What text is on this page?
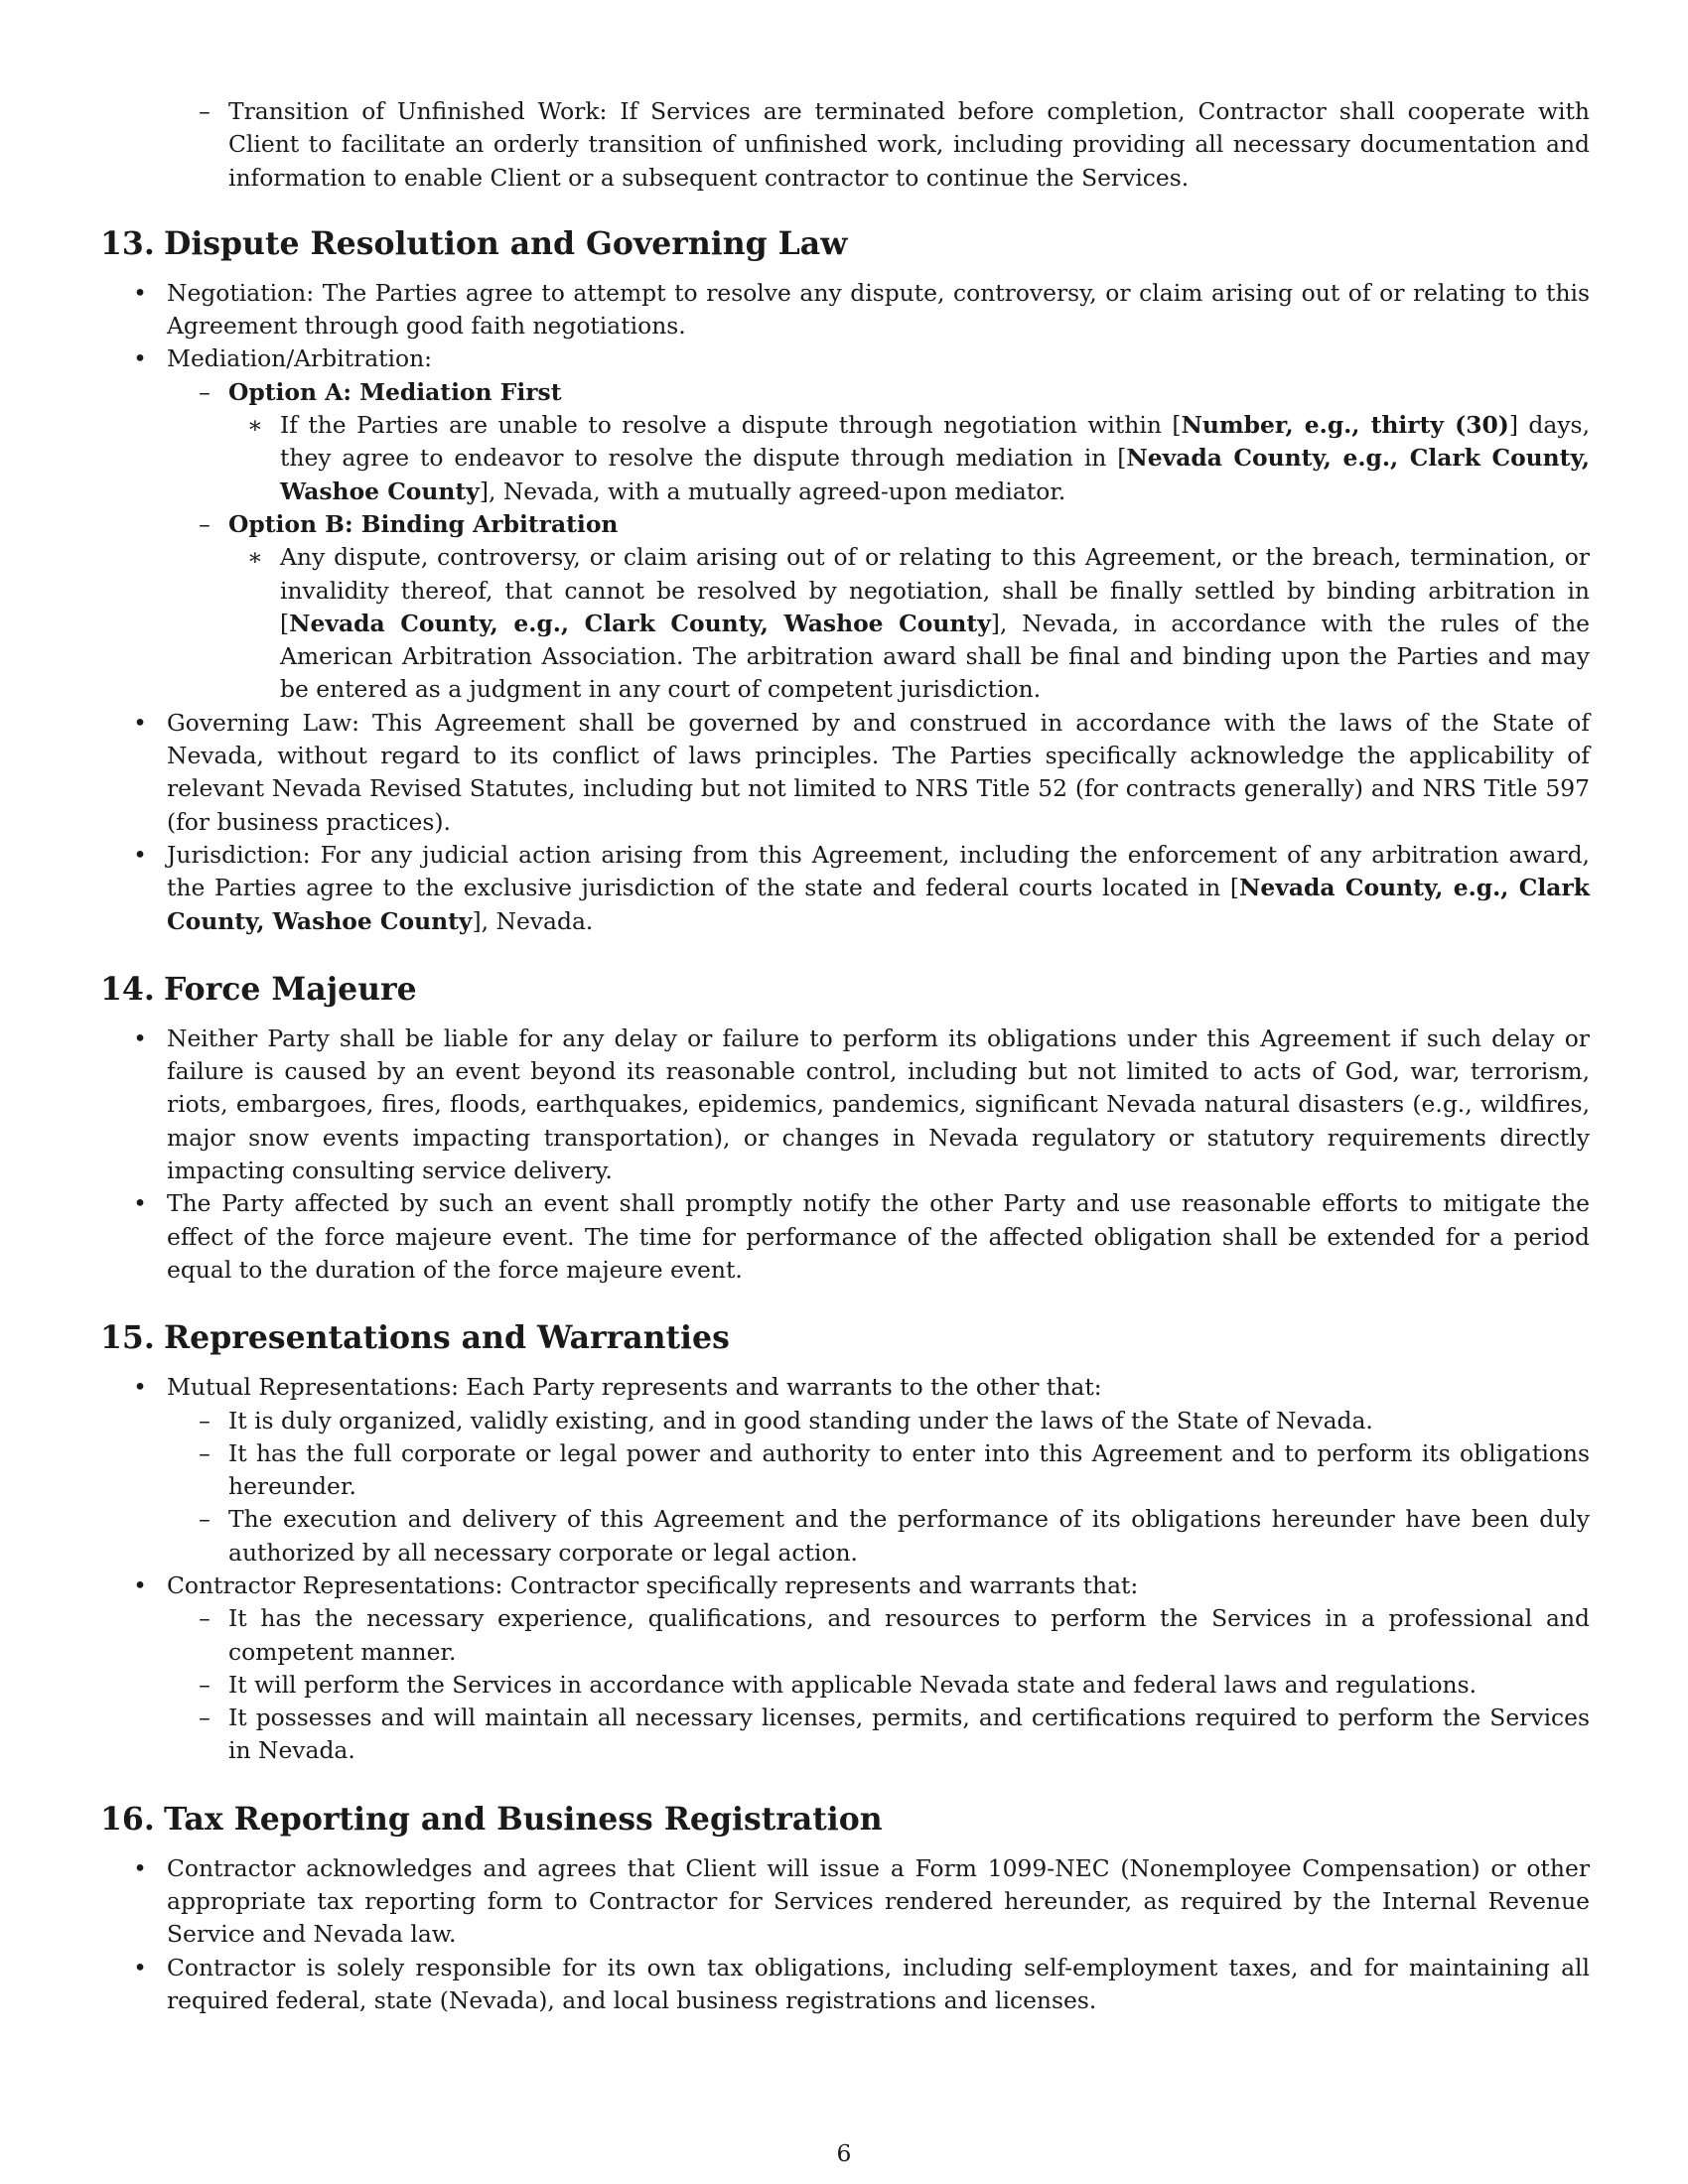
– Transition of Unfinished Work: If Services are terminated before completion, Contractor shall cooperate with Client to facilitate an orderly transition of unfinished work, including providing all necessary documentation and information to enable Client or a subsequent contractor to continue the Services.
13. Dispute Resolution and Governing Law
• Negotiation: The Parties agree to attempt to resolve any dispute, controversy, or claim arising out of or relating to this Agreement through good faith negotiations.
• Mediation/Arbitration:
– Option A: Mediation First
∗ If the Parties are unable to resolve a dispute through negotiation within [Number, e.g., thirty (30)] days, they agree to endeavor to resolve the dispute through mediation in [Nevada County, e.g., Clark County, Washoe County], Nevada, with a mutually agreed-upon mediator.
– Option B: Binding Arbitration
∗ Any dispute, controversy, or claim arising out of or relating to this Agreement, or the breach, termination, or invalidity thereof, that cannot be resolved by negotiation, shall be finally settled by binding arbitration in [Nevada County, e.g., Clark County, Washoe County], Nevada, in accordance with the rules of the American Arbitration Association. The arbitration award shall be final and binding upon the Parties and may be entered as a judgment in any court of competent jurisdiction.
• Governing Law: This Agreement shall be governed by and construed in accordance with the laws of the State of Nevada, without regard to its conflict of laws principles. The Parties specifically acknowledge the applicability of relevant Nevada Revised Statutes, including but not limited to NRS Title 52 (for contracts generally) and NRS Title 597 (for business practices).
• Jurisdiction: For any judicial action arising from this Agreement, including the enforcement of any arbitration award, the Parties agree to the exclusive jurisdiction of the state and federal courts located in [Nevada County, e.g., Clark County, Washoe County], Nevada.
14. Force Majeure
• Neither Party shall be liable for any delay or failure to perform its obligations under this Agreement if such delay or failure is caused by an event beyond its reasonable control, including but not limited to acts of God, war, terrorism, riots, embargoes, fires, floods, earthquakes, epidemics, pandemics, significant Nevada natural disasters (e.g., wildfires, major snow events impacting transportation), or changes in Nevada regulatory or statutory requirements directly impacting consulting service delivery.
• The Party affected by such an event shall promptly notify the other Party and use reasonable efforts to mitigate the effect of the force majeure event. The time for performance of the affected obligation shall be extended for a period equal to the duration of the force majeure event.
15. Representations and Warranties
• Mutual Representations: Each Party represents and warrants to the other that:
– It is duly organized, validly existing, and in good standing under the laws of the State of Nevada.
– It has the full corporate or legal power and authority to enter into this Agreement and to perform its obligations hereunder.
– The execution and delivery of this Agreement and the performance of its obligations hereunder have been duly authorized by all necessary corporate or legal action.
• Contractor Representations: Contractor specifically represents and warrants that:
– It has the necessary experience, qualifications, and resources to perform the Services in a professional and competent manner.
– It will perform the Services in accordance with applicable Nevada state and federal laws and regulations.
– It possesses and will maintain all necessary licenses, permits, and certifications required to perform the Services in Nevada.
16. Tax Reporting and Business Registration
• Contractor acknowledges and agrees that Client will issue a Form 1099-NEC (Nonemployee Compensation) or other appropriate tax reporting form to Contractor for Services rendered hereunder, as required by the Internal Revenue Service and Nevada law.
• Contractor is solely responsible for its own tax obligations, including self-employment taxes, and for maintaining all required federal, state (Nevada), and local business registrations and licenses.
6
